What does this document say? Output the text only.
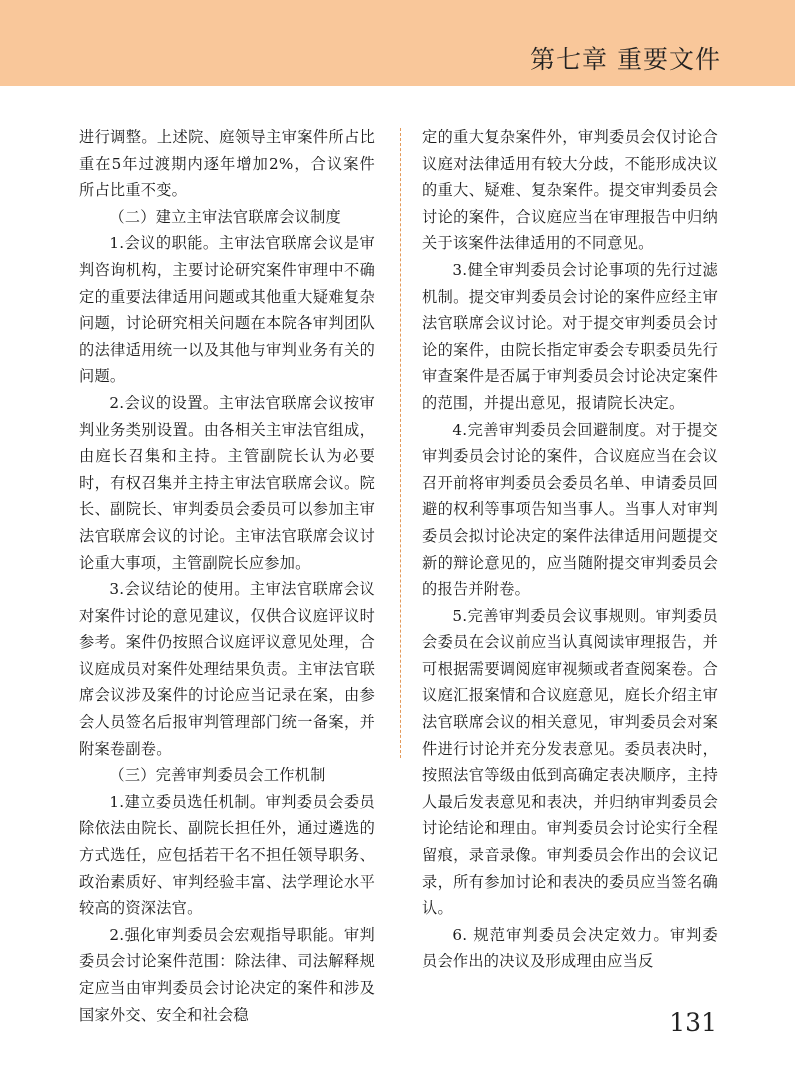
第七章 重要文件

进行调整。上述院、庭领导主审案件所占比重在5年过渡期内逐年增加2%，合议案件所占比重不变。

（二）建立主审法官联席会议制度

1.会议的职能。主审法官联席会议是审判咨询机构，主要讨论研究案件审理中不确定的重要法律适用问题或其他重大疑难复杂问题，讨论研究相关问题在本院各审判团队的法律适用统一以及其他与审判业务有关的问题。

2.会议的设置。主审法官联席会议按审判业务类别设置。由各相关主审法官组成，由庭长召集和主持。主管副院长认为必要时，有权召集并主持主审法官联席会议。院长、副院长、审判委员会委员可以参加主审法官联席会议的讨论。主审法官联席会议讨论重大事项，主管副院长应参加。

3.会议结论的使用。主审法官联席会议对案件讨论的意见建议，仅供合议庭评议时参考。案件仍按照合议庭评议意见处理，合议庭成员对案件处理结果负责。主审法官联席会议涉及案件的讨论应当记录在案，由参会人员签名后报审判管理部门统一备案，并附案卷副卷。

（三）完善审判委员会工作机制

1.建立委员选任机制。审判委员会委员除依法由院长、副院长担任外，通过遴选的方式选任，应包括若干名不担任领导职务、政治素质好、审判经验丰富、法学理论水平较高的资深法官。

2.强化审判委员会宏观指导职能。审判委员会讨论案件范围：除法律、司法解释规定应当由审判委员会讨论决定的案件和涉及国家外交、安全和社会稳

定的重大复杂案件外，审判委员会仅讨论合议庭对法律适用有较大分歧，不能形成决议的重大、疑难、复杂案件。提交审判委员会讨论的案件，合议庭应当在审理报告中归纳关于该案件法律适用的不同意见。

3.健全审判委员会讨论事项的先行过滤机制。提交审判委员会讨论的案件应经主审法官联席会议讨论。对于提交审判委员会讨论的案件，由院长指定审委会专职委员先行审查案件是否属于审判委员会讨论决定案件的范围，并提出意见，报请院长决定。

4.完善审判委员会回避制度。对于提交审判委员会讨论的案件，合议庭应当在会议召开前将审判委员会委员名单、申请委员回避的权利等事项告知当事人。当事人对审判委员会拟讨论决定的案件法律适用问题提交新的辩论意见的，应当随附提交审判委员会的报告并附卷。

5.完善审判委员会议事规则。审判委员会委员在会议前应当认真阅读审理报告，并可根据需要调阅庭审视频或者查阅案卷。合议庭汇报案情和合议庭意见，庭长介绍主审法官联席会议的相关意见，审判委员会对案件进行讨论并充分发表意见。委员表决时，按照法官等级由低到高确定表决顺序，主持人最后发表意见和表决，并归纳审判委员会讨论结论和理由。审判委员会讨论实行全程留痕，录音录像。审判委员会作出的会议记录，所有参加讨论和表决的委员应当签名确认。

6. 规范审判委员会决定效力。审判委员会作出的决议及形成理由应当反

131
